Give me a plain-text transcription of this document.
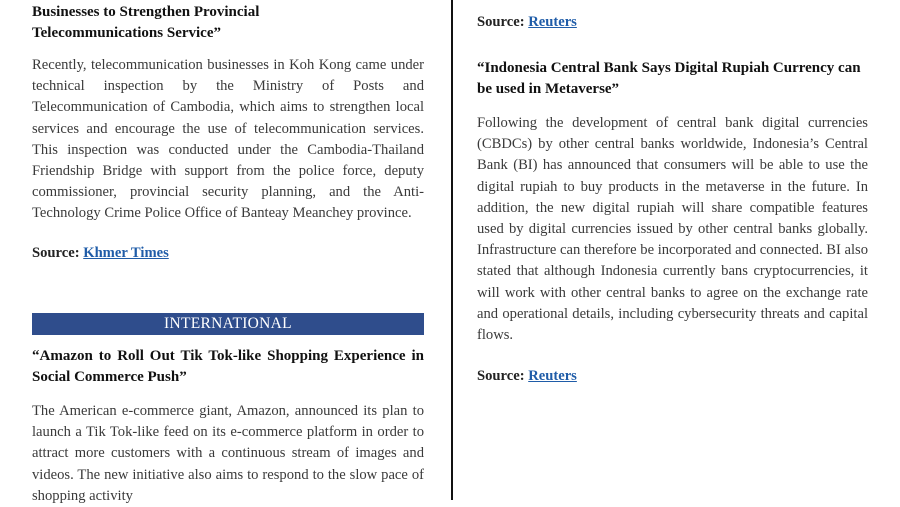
Businesses to Strengthen Provincial
Telecommunications Service”

Recently, telecommunication businesses in Koh Kong came under technical inspection by the Ministry of Posts and Telecommunication of Cambodia, which aims to strengthen local services and encourage the use of telecommunication services. This inspection was conducted under the Cambodia-Thailand Friendship Bridge with support from the police force, deputy commissioner, provincial security planning, and the Anti-Technology Crime Police Office of Banteay Meanchey province.

Source: Khmer Times

INTERNATIONAL

“Amazon to Roll Out Tik Tok-like Shopping Experience in Social Commerce Push”

The American e-commerce giant, Amazon, announced its plan to launch a Tik Tok-like feed on its e-commerce platform in order to attract more customers with a continuous stream of images and videos. The new initiative also aims to respond to the slow pace of shopping activity

Source: Reuters

“Indonesia Central Bank Says Digital Rupiah Currency can be used in Metaverse”

Following the development of central bank digital currencies (CBDCs) by other central banks worldwide, Indonesia’s Central Bank (BI) has announced that consumers will be able to use the digital rupiah to buy products in the metaverse in the future. In addition, the new digital rupiah will share compatible features used by digital currencies issued by other central banks globally. Infrastructure can therefore be incorporated and connected. BI also stated that although Indonesia currently bans cryptocurrencies, it will work with other central banks to agree on the exchange rate and operational details, including cybersecurity threats and capital flows.

Source: Reuters
